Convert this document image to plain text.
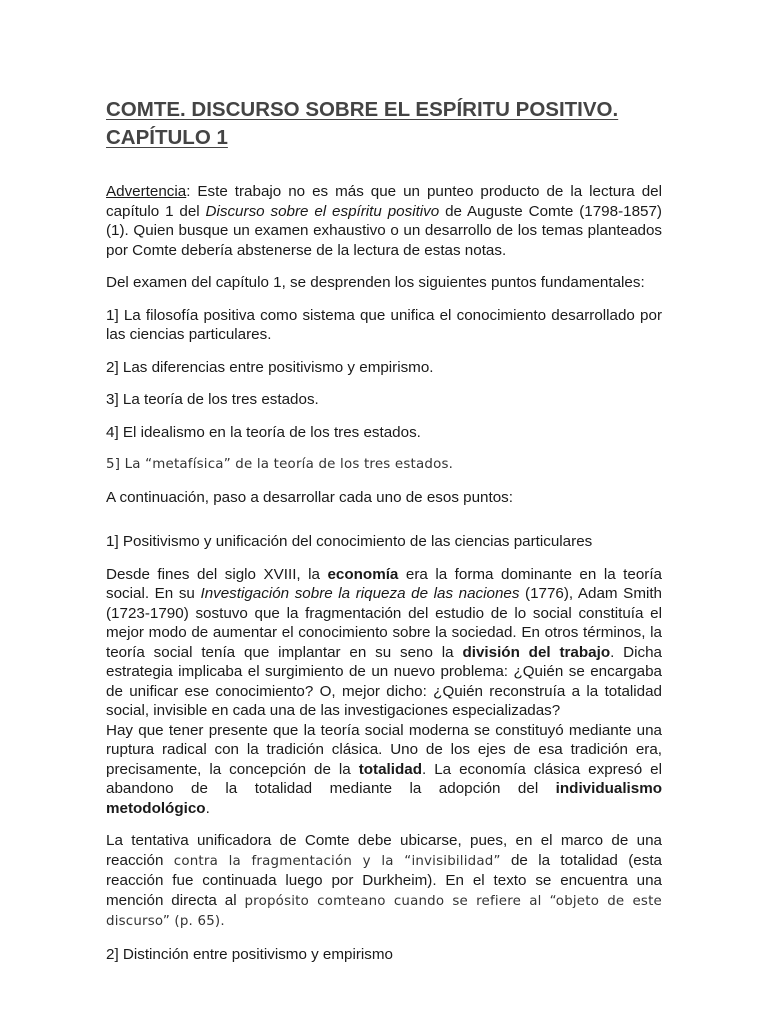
COMTE. DISCURSO SOBRE EL ESPÍRITU POSITIVO.
CAPÍTULO 1

Advertencia: Este trabajo no es más que un punteo producto de la lectura del capítulo 1 del Discurso sobre el espíritu positivo de Auguste Comte (1798-1857) (1). Quien busque un examen exhaustivo o un desarrollo de los temas planteados por Comte debería abstenerse de la lectura de estas notas.

Del examen del capítulo 1, se desprenden los siguientes puntos fundamentales:

1] La filosofía positiva como sistema que unifica el conocimiento desarrollado por las ciencias particulares.

2] Las diferencias entre positivismo y empirismo.

3] La teoría de los tres estados.

4] El idealismo en la teoría de los tres estados.

5] La “metafísica” de la teoría de los tres estados.

A continuación, paso a desarrollar cada uno de esos puntos:

1] Positivismo y unificación del conocimiento de las ciencias particulares

Desde fines del siglo XVIII, la economía era la forma dominante en la teoría social. En su Investigación sobre la riqueza de las naciones (1776), Adam Smith (1723-1790) sostuvo que la fragmentación del estudio de lo social constituía el mejor modo de aumentar el conocimiento sobre la sociedad. En otros términos, la teoría social tenía que implantar en su seno la división del trabajo. Dicha estrategia implicaba el surgimiento de un nuevo problema: ¿Quién se encargaba de unificar ese conocimiento? O, mejor dicho: ¿Quién reconstruía a la totalidad social, invisible en cada una de las investigaciones especializadas?

Hay que tener presente que la teoría social moderna se constituyó mediante una ruptura radical con la tradición clásica. Uno de los ejes de esa tradición era, precisamente, la concepción de la totalidad. La economía clásica expresó el abandono de la totalidad mediante la adopción del individualismo metodológico.

La tentativa unificadora de Comte debe ubicarse, pues, en el marco de una reacción contra la fragmentación y la “invisibilidad” de la totalidad (esta reacción fue continuada luego por Durkheim). En el texto se encuentra una mención directa al propósito comteano cuando se refiere al “objeto de este discurso” (p. 65).

2] Distinción entre positivismo y empirismo
